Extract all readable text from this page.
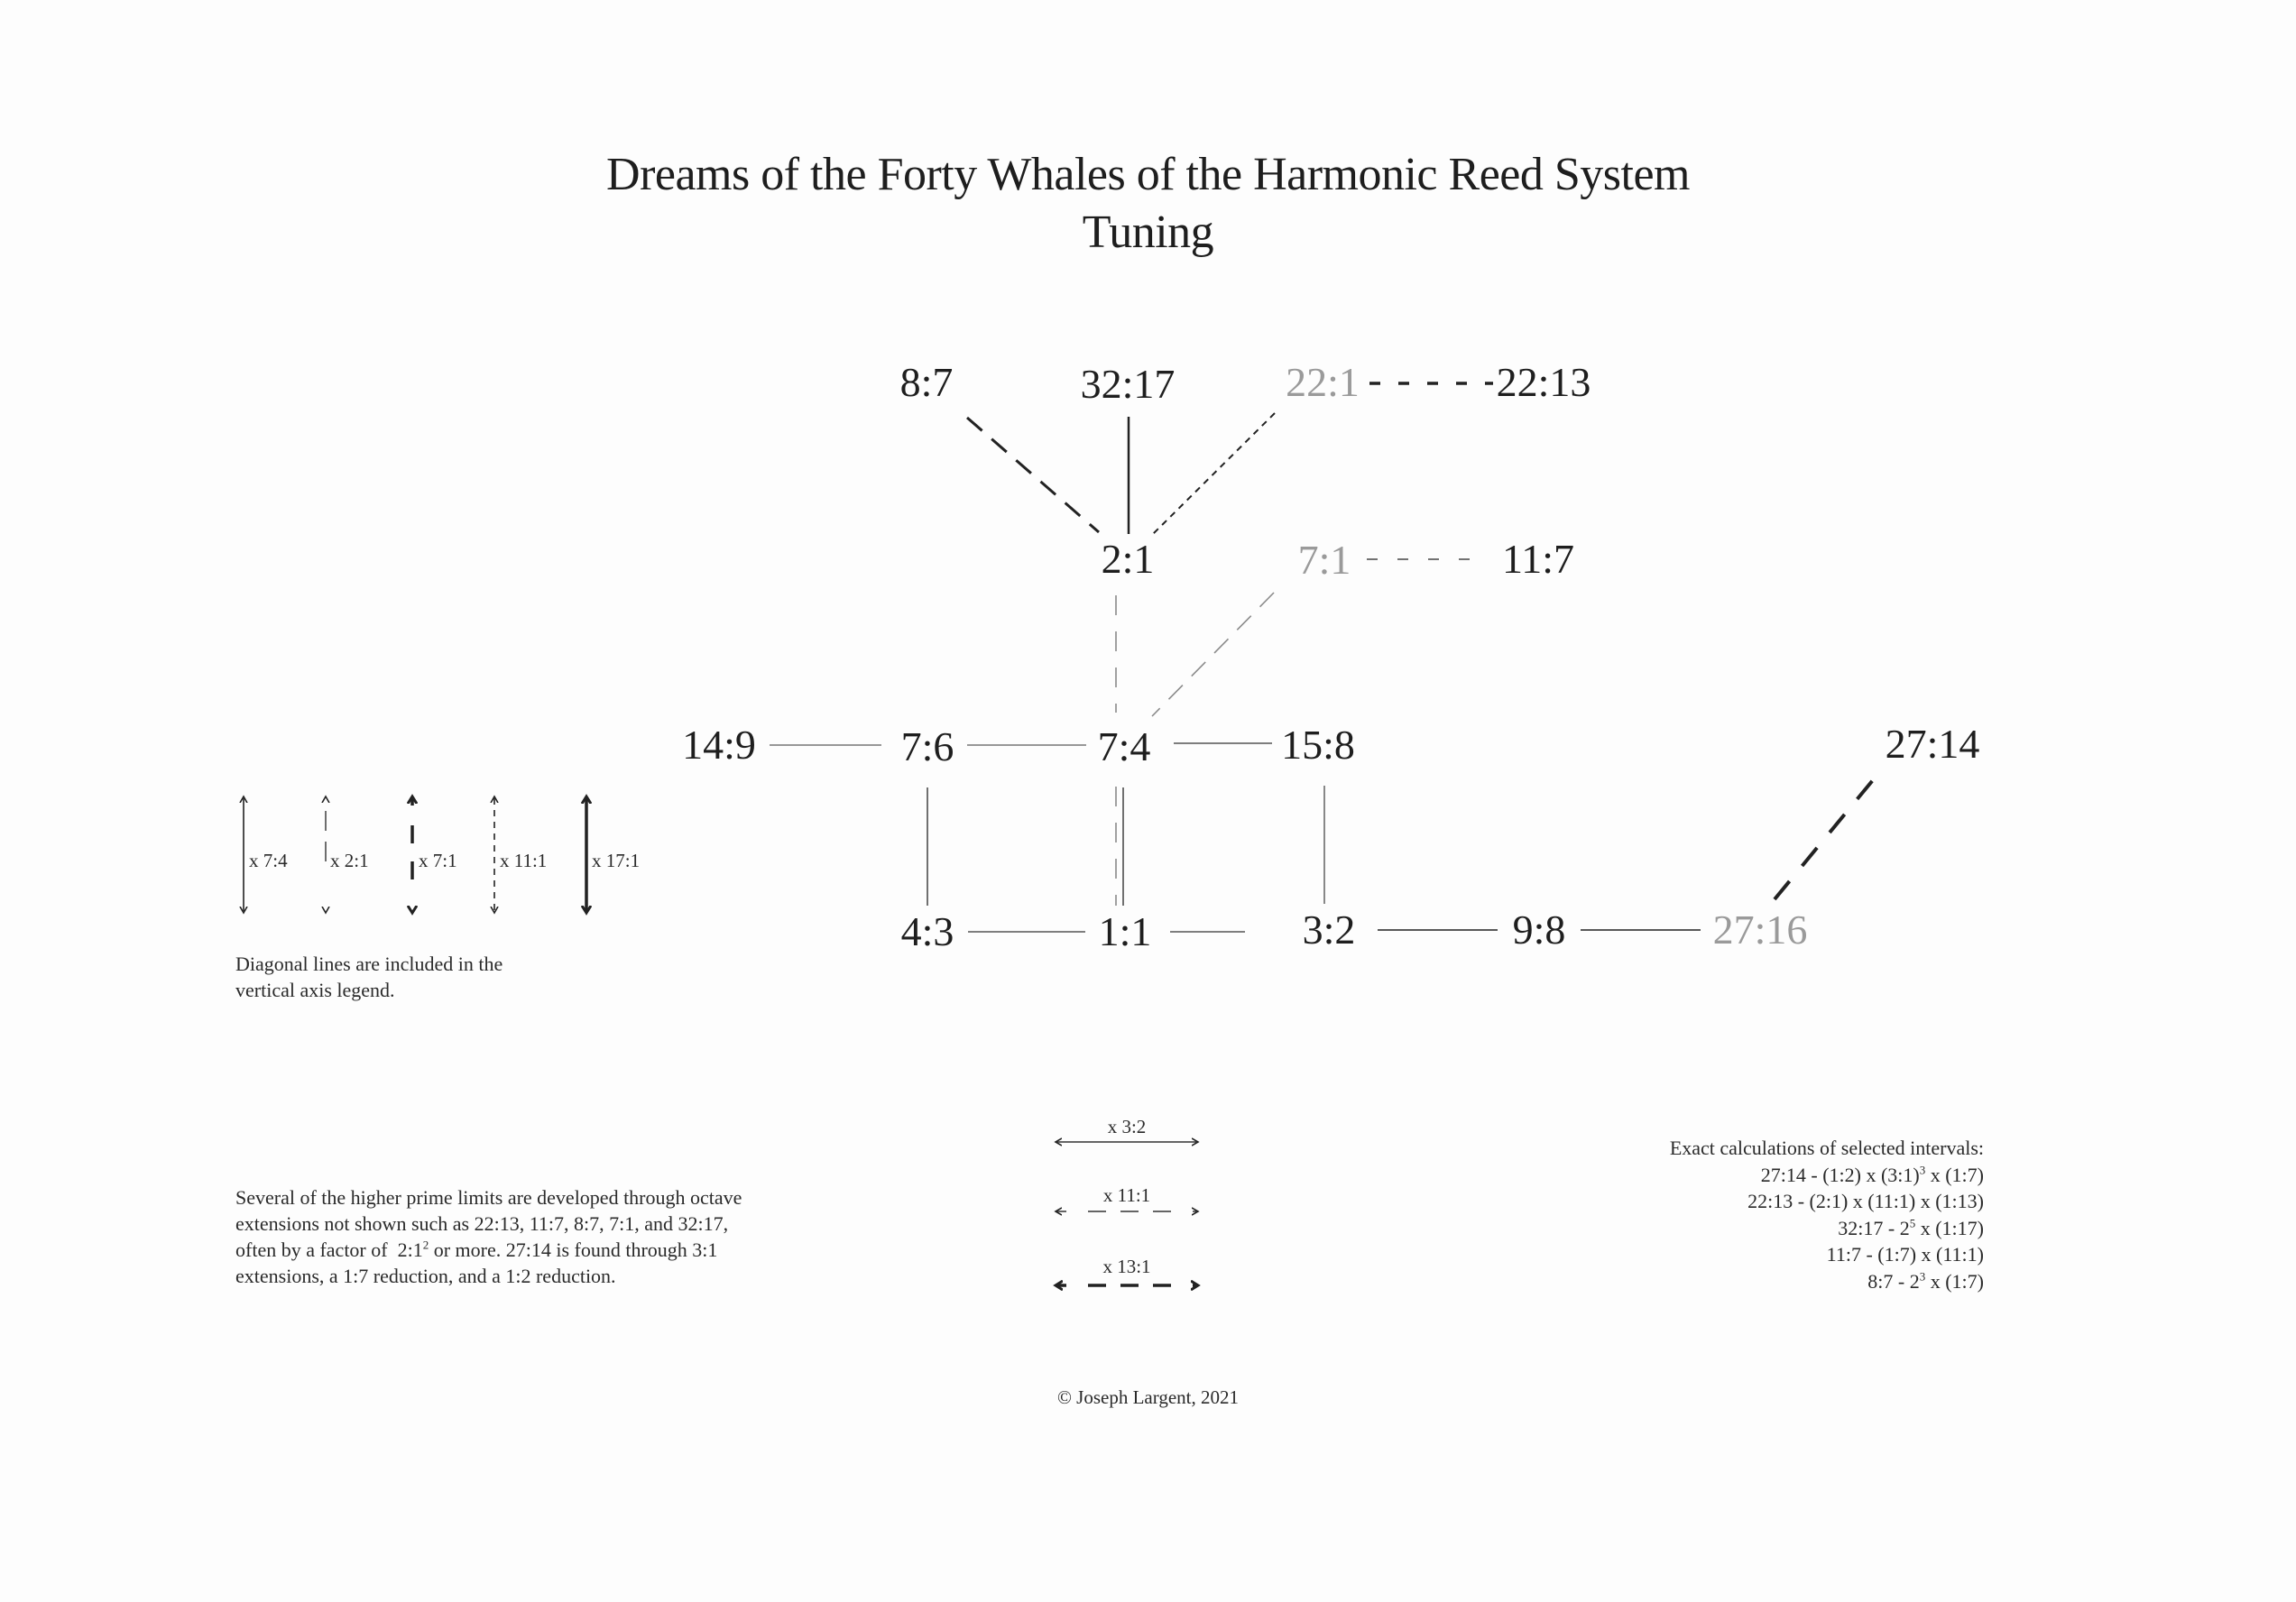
Dreams of the Forty Whales of the Harmonic Reed System
Tuning
8:7	32:17	22:1	22:13
2:1	7:1	11:7
14:9	7:6	7:4	15:8	27:14
4:3	1:1	3:2	9:8	27:16
x 7:4 x 2:1	x 7:1 x 11:1 x 17:1
Diagonal lines are included in the
vertical axis legend.
x 3:2
x 11:1
x 13:1
Several of the higher prime limits are developed through octave
extensions not shown such as 22:13, 11:7, 8:7, 7:1, and 32:17,
often by a factor of  $2:1^2$ or more. 27:14 is found through 3:1
extensions, a 1:7 reduction, and a 1:2 reduction.
Exact calculations of selected intervals:
27:14 - (1:2) x (3:1)$^3$ x (1:7)
22:13 - (2:1) x (11:1) x (1:13)
32:17 - $2^5$ x (1:17)
11:7 - (1:7) x (11:1)
8:7 - $2^3$ x (1:7)
© Joseph Largent, 2021
